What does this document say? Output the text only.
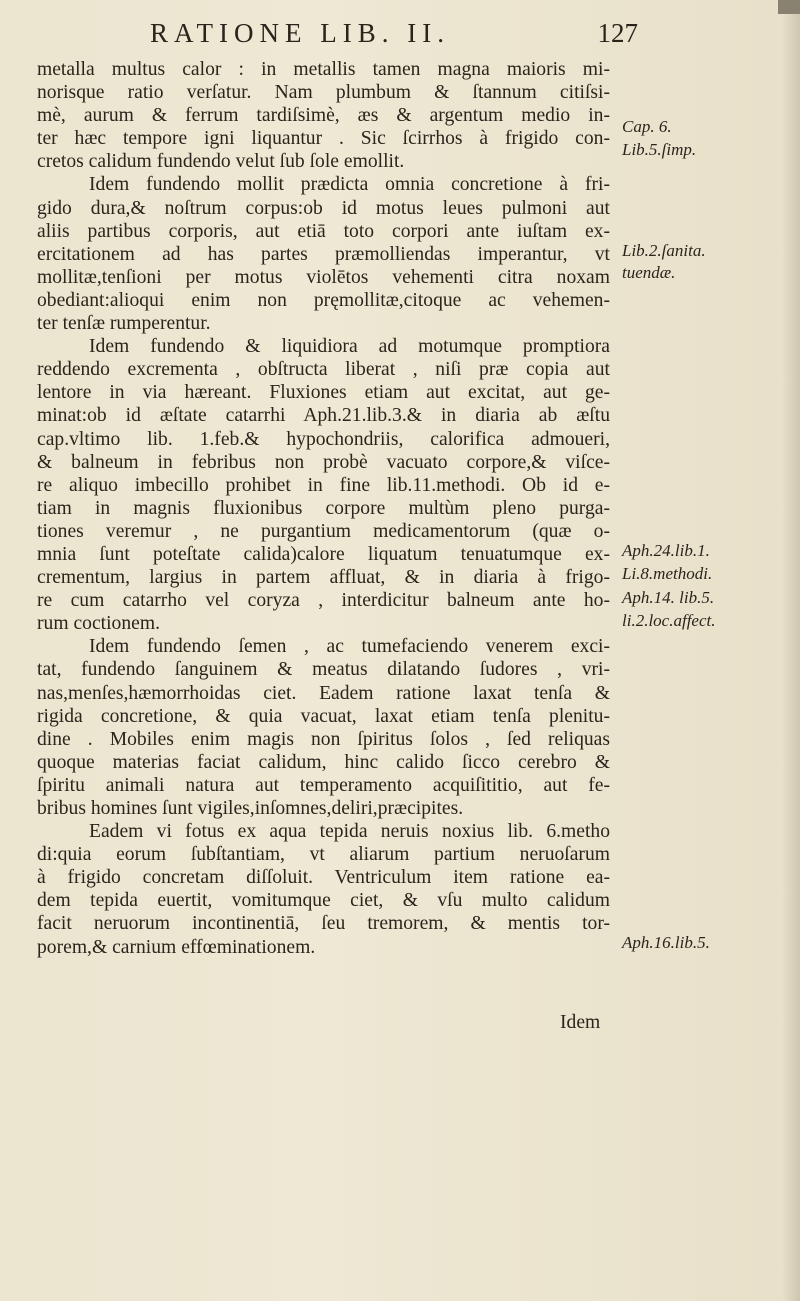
RATIONE LIB. II.	127
metalla multus calor : in metallis tamen magna maioris mi-
norisque ratio verſatur. Nam plumbum & ſtannum citiſsi-
mè, aurum & ferrum tardiſsimè, æs & argentum medio in-
ter hæc tempore igni liquantur . Sic ſcirrhos à frigido con-
cretos calidum fundendo velut ſub ſole emollit.
Idem fundendo mollit prædicta omnia concretione à fri-
gido dura,& noſtrum corpus:ob id motus leues pulmoni aut
aliis partibus corporis, aut etiā toto corpori ante iuſtam ex-
ercitationem ad has partes præmolliendas imperantur, vt
mollitæ,tenſioni per motus violētos vehementi citra noxam
obediant:alioqui enim non pręmollitæ,citoque ac vehemen-
ter tenſæ rumperentur.
Idem fundendo & liquidiora ad motumque promptiora
reddendo excrementa , obſtructa liberat , niſi præ copia aut
lentore in via hæreant. Fluxiones etiam aut excitat, aut ge-
minat:ob id æſtate catarrhi Aph.21.lib.3.& in diaria ab æſtu
cap.vltimo lib. 1.feb.& hypochondriis, calorifica admoueri,
& balneum in febribus non probè vacuato corpore,& viſce-
re aliquo imbecillo prohibet in fine lib.11.methodi. Ob id e-
tiam in magnis fluxionibus corpore multùm pleno purga-
tiones veremur , ne purgantium medicamentorum (quæ o-
mnia ſunt poteſtate calida)calore liquatum tenuatumque ex-
crementum, largius in partem affluat, & in diaria à frigo-
re cum catarrho vel coryza , interdicitur balneum ante ho-
rum coctionem.
Idem fundendo ſemen , ac tumefaciendo venerem exci-
tat, fundendo ſanguinem & meatus dilatando ſudores , vri-
nas,menſes,hæmorrhoidas ciet. Eadem ratione laxat tenſa &
rigida concretione, & quia vacuat, laxat etiam tenſa plenitu-
dine . Mobiles enim magis non ſpiritus ſolos , ſed reliquas
quoque materias faciat calidum, hinc calido ſicco cerebro &
ſpiritu animali natura aut temperamento acquiſititio, aut fe-
bribus homines ſunt vigiles,inſomnes,deliri,præcipites.
Eadem vi fotus ex aqua tepida neruis noxius lib. 6.metho
di:quia eorum ſubſtantiam, vt aliarum partium neruoſarum
à frigido concretam diſſoluit. Ventriculum item ratione ea-
dem tepida euertit, vomitumque ciet, & vſu multo calidum
facit neruorum incontinentiā, ſeu tremorem, & mentis tor-
porem,& carnium effœminationem.
Idem
Cap. 6.
Lib.5.ſimp.
Lib.2.ſanita.
tuendæ.
Aph.24.lib.1.
Li.8.methodi.
Aph.14. lib.5.
li.2.loc.affect.
Aph.16.lib.5.
